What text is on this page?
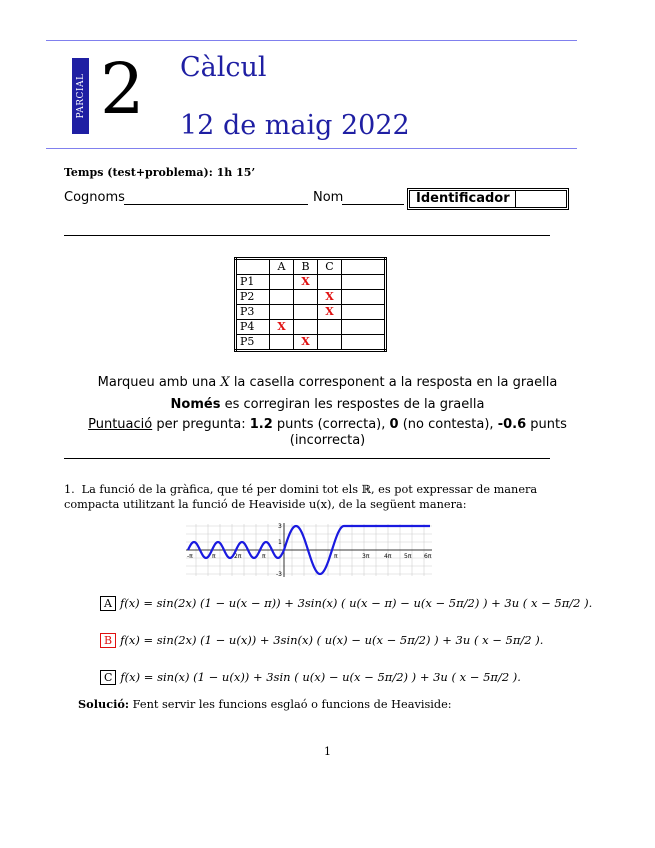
PARCIAL 2 Càlcul
12 de maig 2022
Temps (test+problema): 1h 15’
Cognoms	Nom	Identificador
	A	B	C	
P1		X		
P2			X	
P3			X	
P4	X			
P5		X		
Marqueu amb una X la casella corresponent a la resposta en la graella
Només es corregiran les respostes de la graella
Puntuació per pregunta: 1.2 punts (correcta), 0 (no contesta), -0.6 punts
(incorrecta)
1. La funció de la gràfica, que té per domini tot els ℝ, es pot expressar de manera compacta utilitzant la funció de Heaviside u(x), de la següent manera:
3
1
-3
-π	π	2π	π	π	3π 4π 5π 6π
A f(x) = sin(2x) (1 − u(x − π)) + 3sin(x) ( u(x − π) − u(x − 5π/2) ) + 3u ( x − 5π/2 ).
B f(x) = sin(2x) (1 − u(x)) + 3sin(x) ( u(x) − u(x − 5π/2) ) + 3u ( x − 5π/2 ).
C f(x) = sin(x) (1 − u(x)) + 3sin ( u(x) − u(x − 5π/2) ) + 3u ( x − 5π/2 ).
Solució: Fent servir les funcions esglaó o funcions de Heaviside:
1
